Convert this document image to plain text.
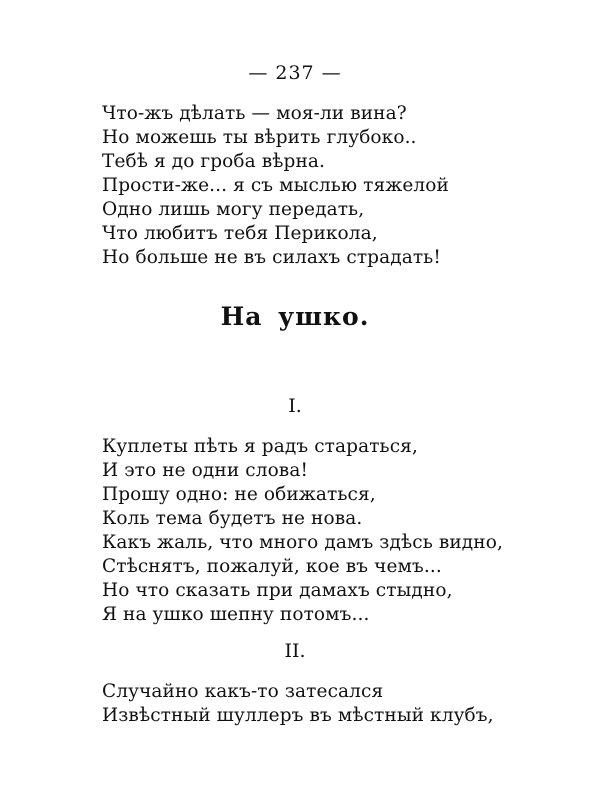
— 237 —
Что-жъ дѣлать — моя-ли вина?
Но можешь ты вѣрить глубоко..
Тебѣ я до гроба вѣрна.
Прости-же... я съ мыслью тяжелой
Одно лишь могу передать,
Что любитъ тебя Перикола,
Но больше не въ силахъ страдать!
На ушко.
I.
Куплеты пѣть я радъ стараться,
И это не одни слова!
Прошу одно: не обижаться,
Коль тема будетъ не нова.
Какъ жаль, что много дамъ здѣсь видно,
Стѣснятъ, пожалуй, кое въ чемъ...
Но что сказать при дамахъ стыдно,
Я на ушко шепну потомъ...
II.
Случайно какъ-то затесался
Извѣстный шуллеръ въ мѣстный клубъ,
